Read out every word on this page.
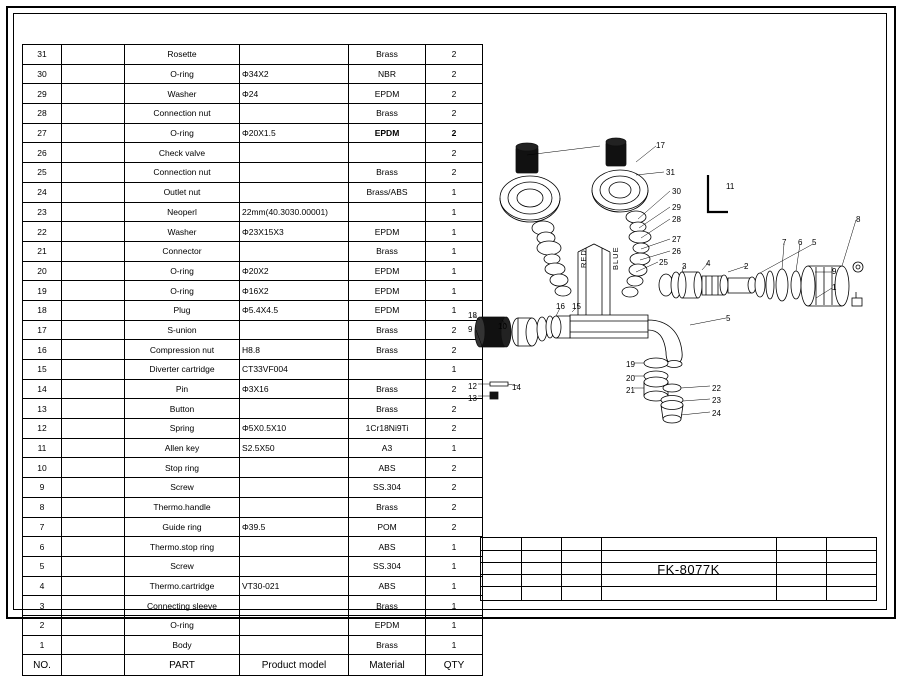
31		Rosette		Brass	2
30		O-ring	Φ34X2	NBR	2
29		Washer	Φ24	EPDM	2
28		Connection nut		Brass	2
27		O-ring	Φ20X1.5	EPDM	2
26		Check valve			2
25		Connection nut		Brass	2
24		Outlet nut		Brass/ABS	1
23		Neoperl	22mm(40.3030.00001)		1
22		Washer	Φ23X15X3	EPDM	1
21		Connector		Brass	1
20		O-ring	Φ20X2	EPDM	1
19		O-ring	Φ16X2	EPDM	1
18		Plug	Φ5.4X4.5	EPDM	1
17		S-union		Brass	2
16		Compression nut	H8.8	Brass	2
15		Diverter cartridge	CT33VF004		1
14		Pin	Φ3X16	Brass	2
13		Button		Brass	2
12		Spring	Φ5X0.5X10	1Cr18Ni9Ti	2
11		Allen key	S2.5X50	A3	1
10		Stop ring		ABS	2
9		Screw		SS.304	2
8		Thermo.handle		Brass	2
7		Guide ring	Φ39.5	POM	2
6		Thermo.stop ring		ABS	1
5		Screw		SS.304	1
4		Thermo.cartridge	VT30-021	ABS	1
3		Connecting sleeve		Brass	1
2		O-ring		EPDM	1
1		Body		Brass	1
NO.		PART	Product model	Material	QTY
FK-8077K
RED	BLUE
17
31
30
29
28
11
8
27
26
7 6 5
25 3 4	2
9
1
16 15
5
18
9	10
19
20
21	22
23
24
12
13
14
